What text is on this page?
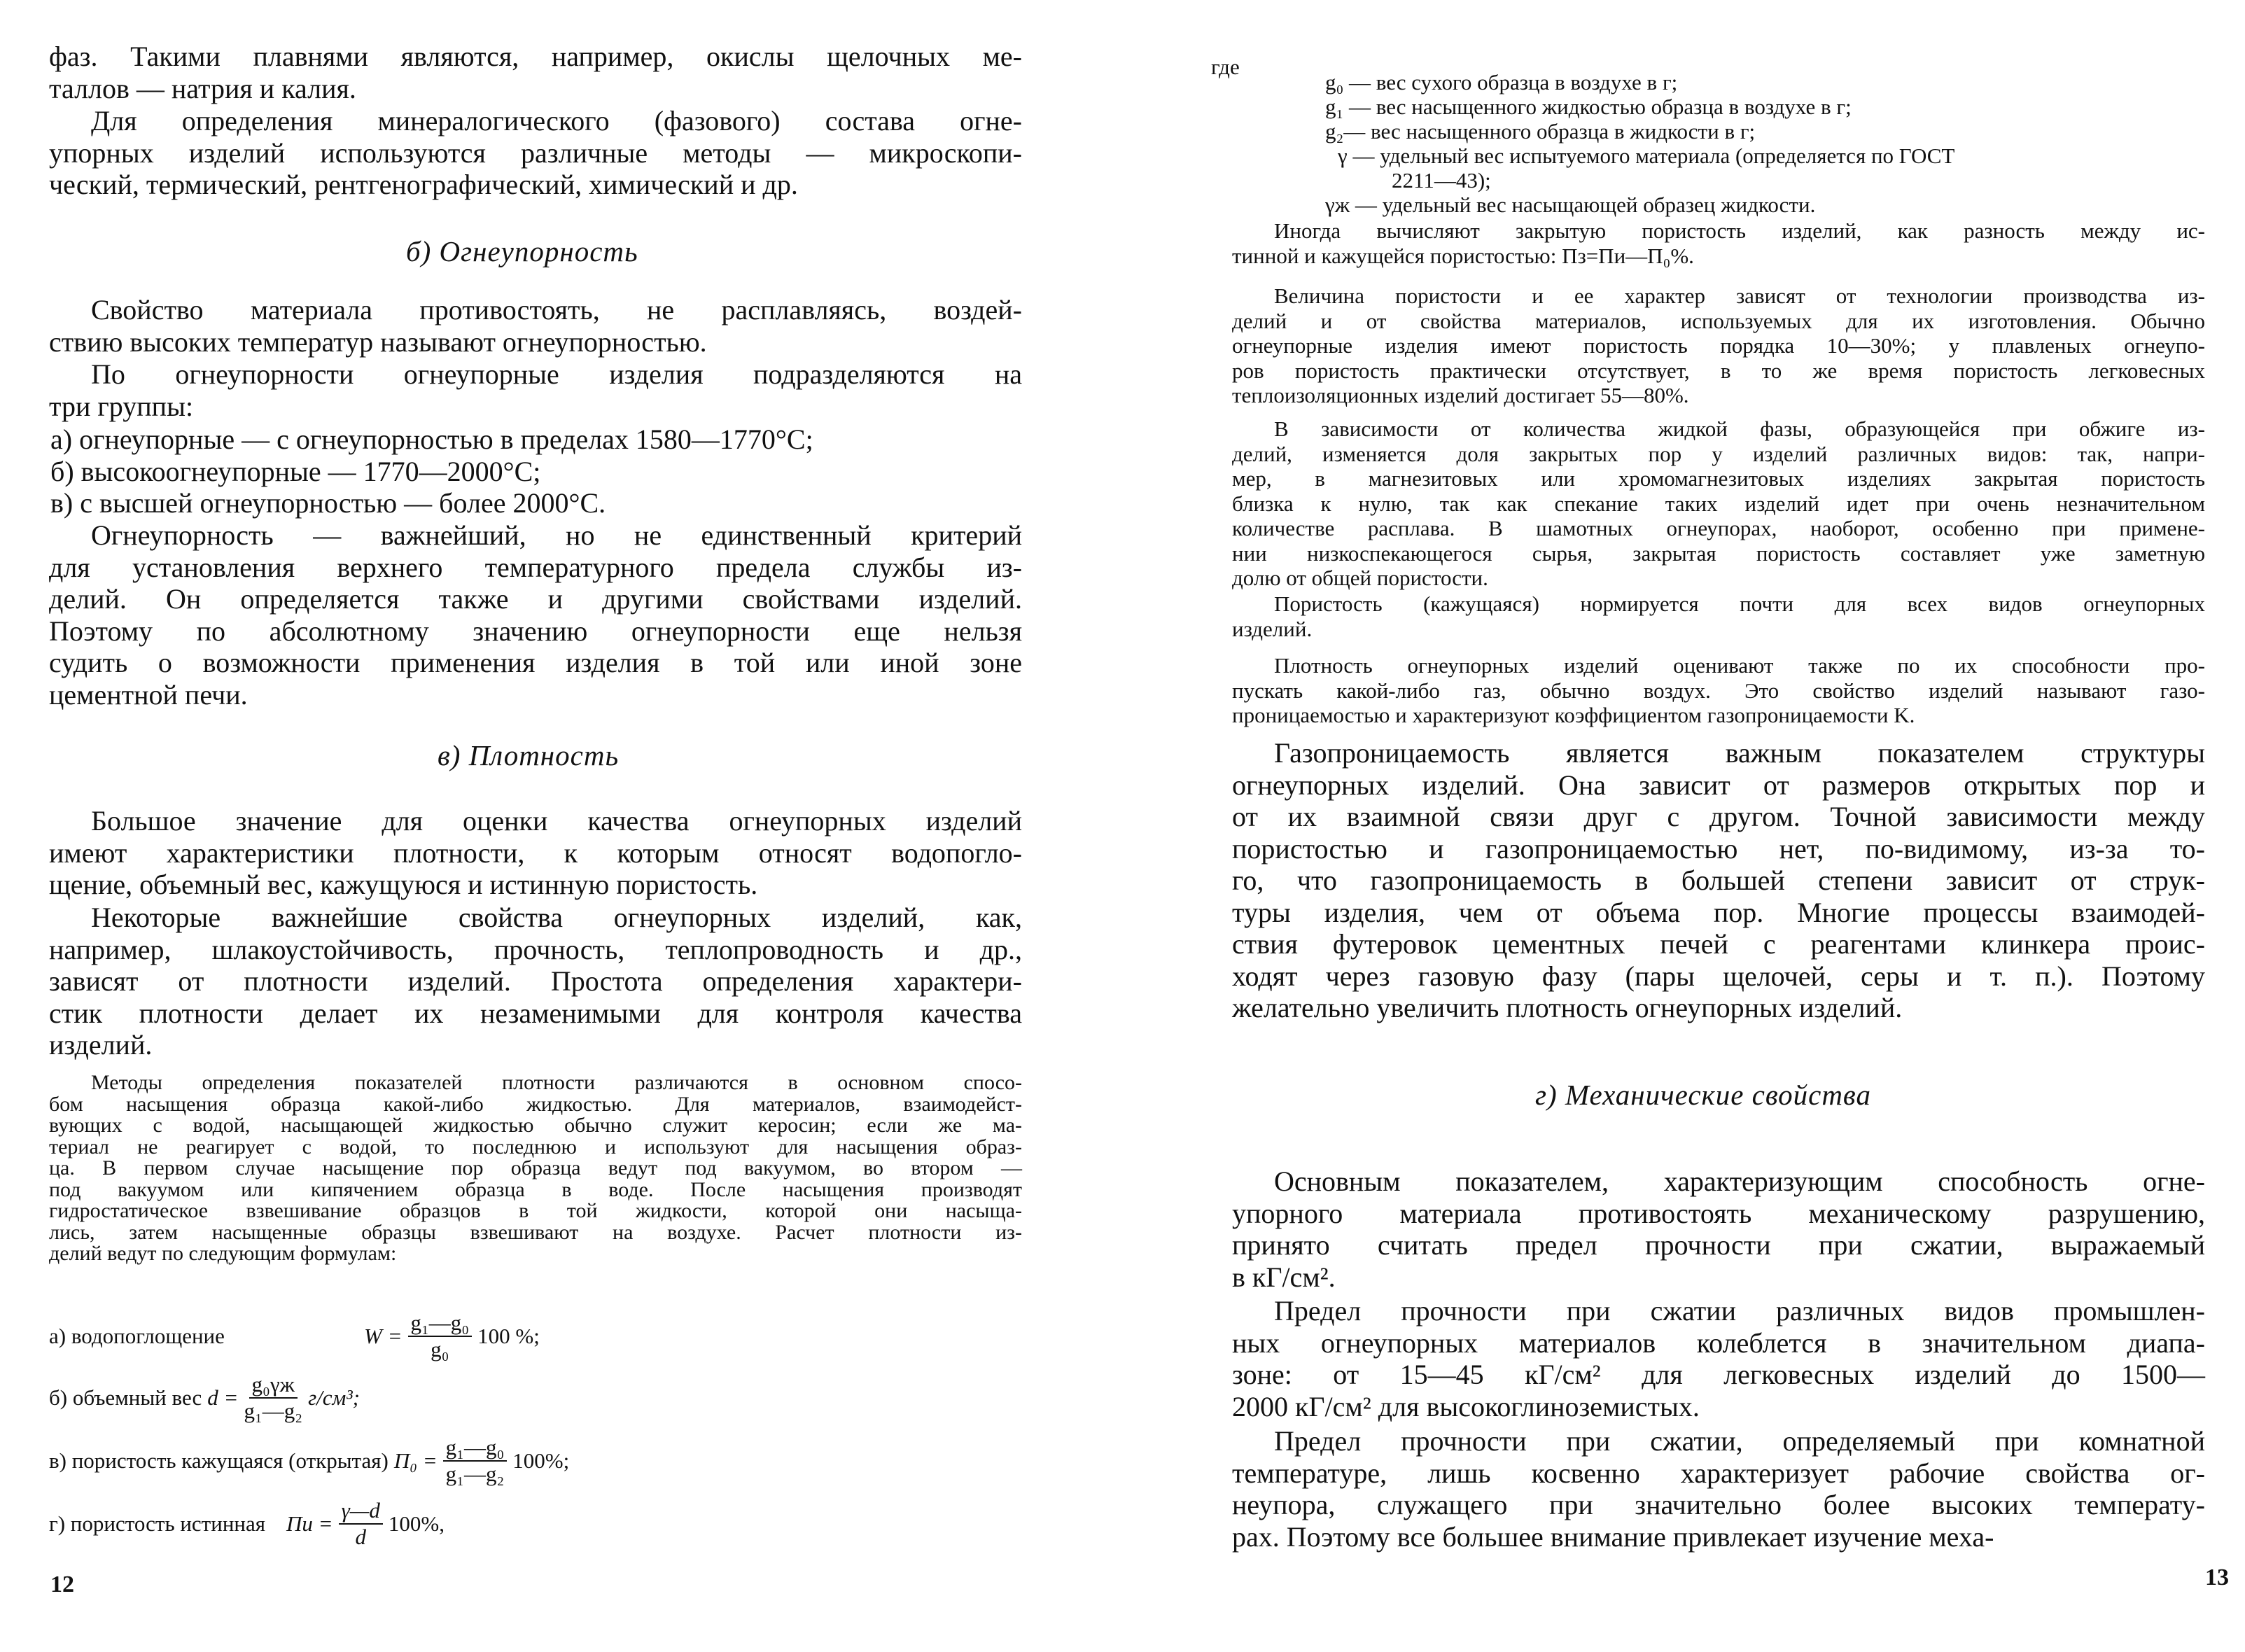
б) Огнеупорность
в) Плотность
а) водопоглощение	$W = \frac{\text{g₁—g₀}}{\text{g₀}} 100$ %;
б) объемный вес $d = \frac{\text{g₀γж}}{\text{g₁—g₂}} г/см^3$;
в) пористость кажущаяся (открытая) $П_0 = \frac{\text{g₁—g₀}}{\text{g₁—g₂}} 100\%$;
г) пористость истинная Пи = $\frac{\gamma—d}{d} 100\%$,
12
фаз. Такими плавнями являются, например, окислы щелочных ме-
таллов — натрия и калия.
Для определения минералогического (фазового) состава огне-
упорных изделий используются различные методы — микроскопи-
ческий, термический, рентгенографический, химический и др.
Свойство материала противостоять, не расплавляясь, воздей-
ствию высоких температур называют огнеупорностью.
По огнеупорности огнеупорные изделия подразделяются на
три группы:
а) огнеупорные — с огнеупорностью в пределах 1580—1770°С;
б) высокоогнеупорные — 1770—2000°С;
в) с высшей огнеупорностью — более 2000°С.
Огнеупорность — важнейший, но не единственный критерий
для установления верхнего температурного предела службы из-
делий. Он определяется также и другими свойствами изделий.
Поэтому по абсолютному значению огнеупорности еще нельзя
судить о возможности применения изделия в той или иной зоне
цементной печи.
Большое значение для оценки качества огнеупорных изделий
имеют характеристики плотности, к которым относят водопогло-
щение, объемный вес, кажущуюся и истинную пористость.
Некоторые важнейшие свойства огнеупорных изделий, как,
например, шлакоустойчивость, прочность, теплопроводность и др.,
зависят от плотности изделий. Простота определения характери-
стик плотности делает их незаменимыми для контроля качества
изделий.
Методы определения показателей плотности различаются в основном спосо-
бом насыщения образца какой-либо жидкостью. Для материалов, взаимодейст-
вующих с водой, насыщающей жидкостью обычно служит керосин; если же ма-
териал не реагирует с водой, то последнюю и используют для насыщения образ-
ца. В первом случае насыщение пор образца ведут под вакуумом, во втором —
под вакуумом или кипячением образца в воде. После насыщения производят
гидростатическое взвешивание образцов в той жидкости, которой они насыща-
лись, затем насыщенные образцы взвешивают на воздухе. Расчет плотности из-
делий ведут по следующим формулам:
где
г) Механические свойства
13
g₀ — вес сухого образца в воздухе в г;
g₁ — вес насыщенного жидкостью образца в воздухе в г;
g₂— вес насыщенного образца в жидкости в г;
γ — удельный вес испытуемого материала (определяется по ГОСТ
2211—43);
γж — удельный вес насыщающей образец жидкости.
Иногда вычисляют закрытую пористость изделий, как разность между ис-
тинной и кажущейся пористостью: Пз=Пи—П₀%.
Величина пористости и ее характер зависят от технологии производства из-
делий и от свойства материалов, используемых для их изготовления. Обычно
огнеупорные изделия имеют пористость порядка 10—30%; у плавленых огнеупо-
ров пористость практически отсутствует, в то же время пористость легковесных
теплоизоляционных изделий достигает 55—80%.
В зависимости от количества жидкой фазы, образующейся при обжиге из-
делий, изменяется доля закрытых пор у изделий различных видов: так, напри-
мер, в магнезитовых или хромомагнезитовых изделиях закрытая пористость
близка к нулю, так как спекание таких изделий идет при очень незначительном
количестве расплава. В шамотных огнеупорах, наоборот, особенно при примене-
нии низкоспекающегося сырья, закрытая пористость составляет уже заметную
долю от общей пористости.
Пористость (кажущаяся) нормируется почти для всех видов огнеупорных
изделий.
Плотность огнеупорных изделий оценивают также по их способности про-
пускать какой-либо газ, обычно воздух. Это свойство изделий называют газо-
проницаемостью и характеризуют коэффициентом газопроницаемости K.
Газопроницаемость является важным показателем структуры
огнеупорных изделий. Она зависит от размеров открытых пор и
от их взаимной связи друг с другом. Точной зависимости между
пористостью и газопроницаемостью нет, по-видимому, из-за то-
го, что газопроницаемость в большей степени зависит от струк-
туры изделия, чем от объема пор. Многие процессы взаимодей-
ствия футеровок цементных печей с реагентами клинкера проис-
ходят через газовую фазу (пары щелочей, серы и т. п.). Поэтому
желательно увеличить плотность огнеупорных изделий.
Основным показателем, характеризующим способность огне-
упорного материала противостоять механическому разрушению,
принято считать предел прочности при сжатии, выражаемый
в кГ/см².
Предел прочности при сжатии различных видов промышлен-
ных огнеупорных материалов колеблется в значительном диапа-
зоне: от 15—45 кГ/см² для легковесных изделий до 1500—
2000 кГ/см² для высокоглиноземистых.
Предел прочности при сжатии, определяемый при комнатной
температуре, лишь косвенно характеризует рабочие свойства ог-
неупора, служащего при значительно более высоких температу-
рах. Поэтому все большее внимание привлекает изучение меха-
